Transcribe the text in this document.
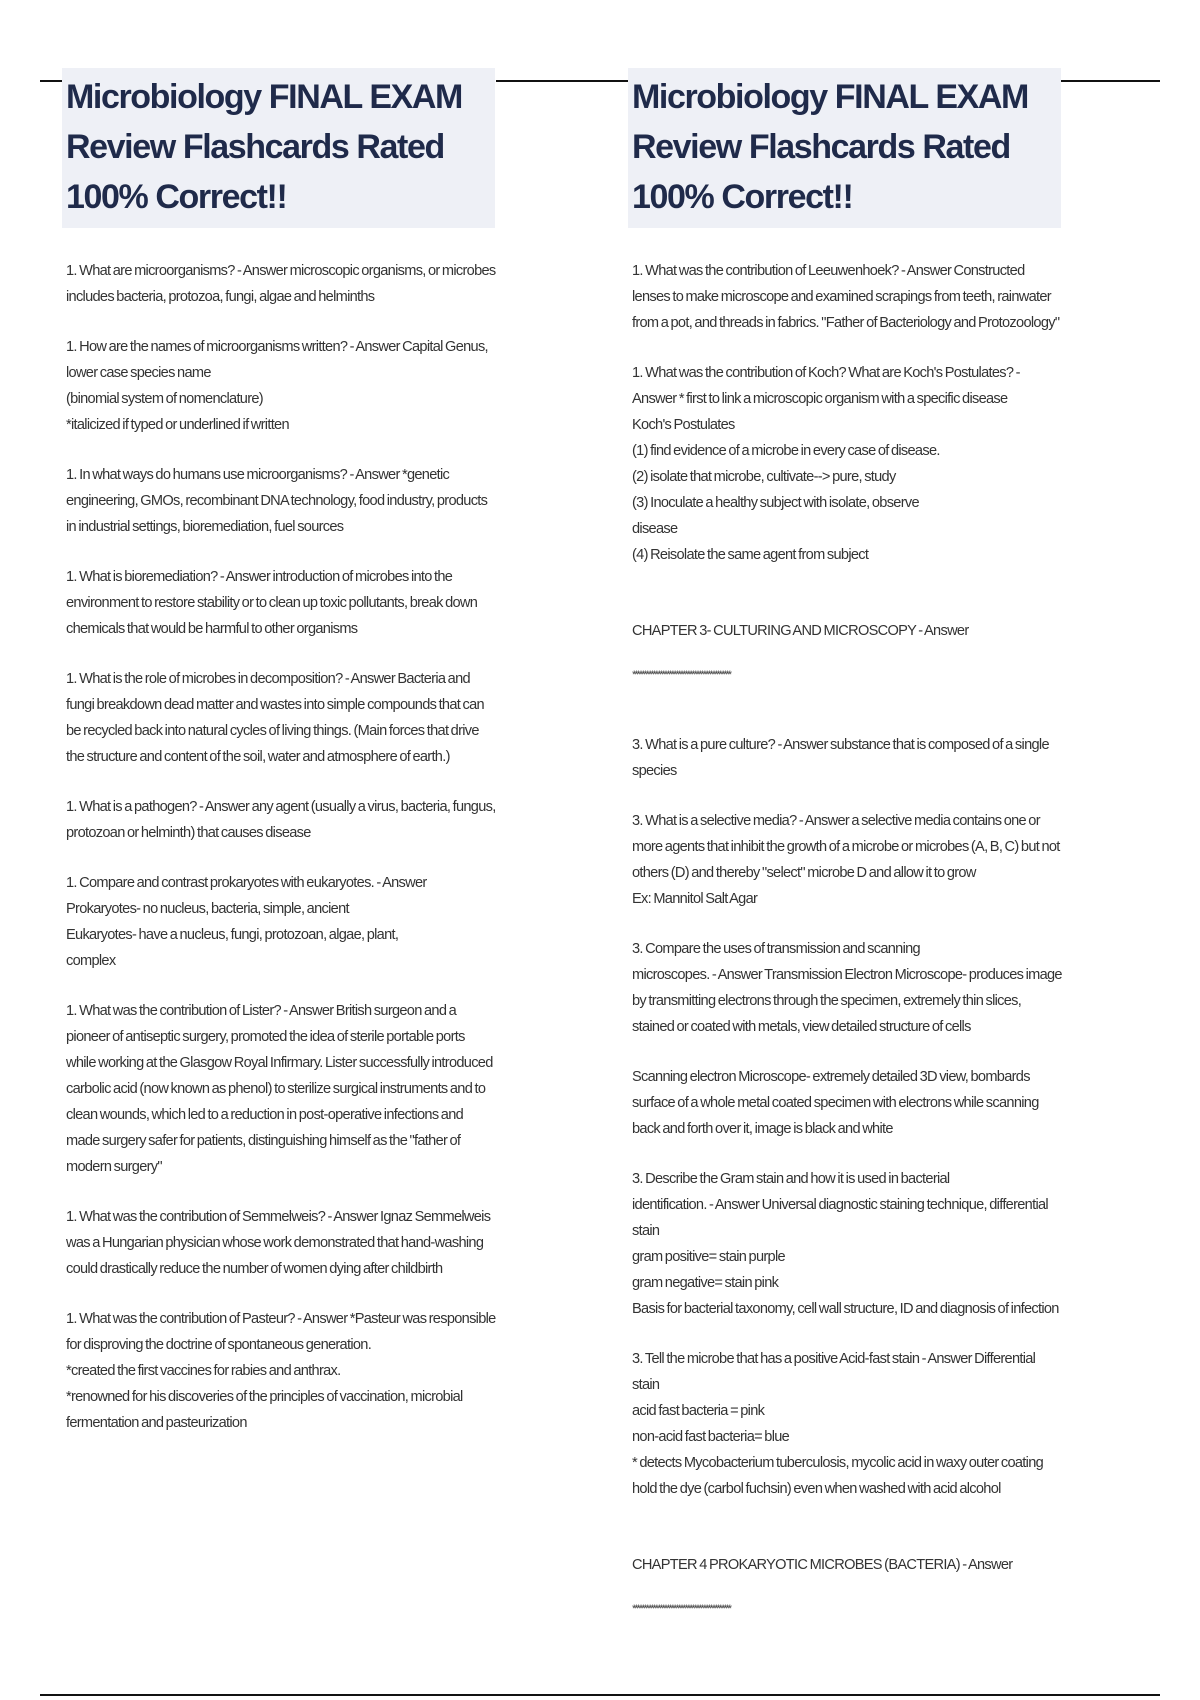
Microbiology FINAL EXAM Review Flashcards Rated 100% Correct!!
1. What are microorganisms? - Answer microscopic organisms, or microbes includes bacteria, protozoa, fungi, algae and helminths
1. How are the names of microorganisms written? - Answer Capital Genus, lower case species name
(binomial system of nomenclature)
*italicized if typed or underlined if written
1. In what ways do humans use microorganisms? - Answer *genetic engineering, GMOs, recombinant DNA technology, food industry, products in industrial settings, bioremediation, fuel sources
1. What is bioremediation? - Answer introduction of microbes into the environment to restore stability or to clean up toxic pollutants, break down chemicals that would be harmful to other organisms
1. What is the role of microbes in decomposition? - Answer Bacteria and fungi breakdown dead matter and wastes into simple compounds that can be recycled back into natural cycles of living things. (Main forces that drive the structure and content of the soil, water and atmosphere of earth.)
1. What is a pathogen? - Answer any agent (usually a virus, bacteria, fungus, protozoan or helminth) that causes disease
1. Compare and contrast prokaryotes with eukaryotes. - Answer Prokaryotes- no nucleus, bacteria, simple, ancient
Eukaryotes- have a nucleus, fungi, protozoan, algae, plant,
complex
1. What was the contribution of Lister? - Answer British surgeon and a pioneer of antiseptic surgery, promoted the idea of sterile portable ports while working at the Glasgow Royal Infirmary. Lister successfully introduced carbolic acid (now known as phenol) to sterilize surgical instruments and to clean wounds, which led to a reduction in post-operative infections and made surgery safer for patients, distinguishing himself as the "father of modern surgery"
1. What was the contribution of Semmelweis? - Answer Ignaz Semmelweis was a Hungarian physician whose work demonstrated that hand-washing could drastically reduce the number of women dying after childbirth
1. What was the contribution of Pasteur? - Answer *Pasteur was responsible for disproving the doctrine of spontaneous generation.
*created the first vaccines for rabies and anthrax.
*renowned for his discoveries of the principles of vaccination, microbial fermentation and pasteurization
Microbiology FINAL EXAM Review Flashcards Rated 100% Correct!!
1. What was the contribution of Leeuwenhoek? - Answer Constructed lenses to make microscope and examined scrapings from teeth, rainwater from a pot, and threads in fabrics. "Father of Bacteriology and Protozoology"
1. What was the contribution of Koch? What are Koch's Postulates? - Answer * first to link a microscopic organism with a specific disease
Koch's Postulates
(1) find evidence of a microbe in every case of disease.
(2) isolate that microbe, cultivate--> pure, study
(3) Inoculate a healthy subject with isolate, observe
disease
(4) Reisolate the same agent from subject

CHAPTER 3- CULTURING AND MICROSCOPY - Answer

*******************************************

3. What is a pure culture? - Answer substance that is composed of a single species
3. What is a selective media? - Answer a selective media contains one or more agents that inhibit the growth of a microbe or microbes (A, B, C) but not others (D) and thereby "select" microbe D and allow it to grow
Ex: Mannitol Salt Agar
3. Compare the uses of transmission and scanning
microscopes. - Answer Transmission Electron Microscope- produces image by transmitting electrons through the specimen, extremely thin slices, stained or coated with metals, view detailed structure of cells
Scanning electron Microscope- extremely detailed 3D view, bombards surface of a whole metal coated specimen with electrons while scanning back and forth over it, image is black and white
3. Describe the Gram stain and how it is used in bacterial
identification. - Answer Universal diagnostic staining technique, differential stain
gram positive= stain purple
gram negative= stain pink
Basis for bacterial taxonomy, cell wall structure, ID and diagnosis of infection
3. Tell the microbe that has a positive Acid-fast stain - Answer Differential stain
acid fast bacteria = pink
non-acid fast bacteria= blue
* detects Mycobacterium tuberculosis, mycolic acid in waxy outer coating hold the dye (carbol fuchsin) even when washed with acid alcohol

CHAPTER 4 PROKARYOTIC MICROBES (BACTERIA) - Answer

*******************************************
